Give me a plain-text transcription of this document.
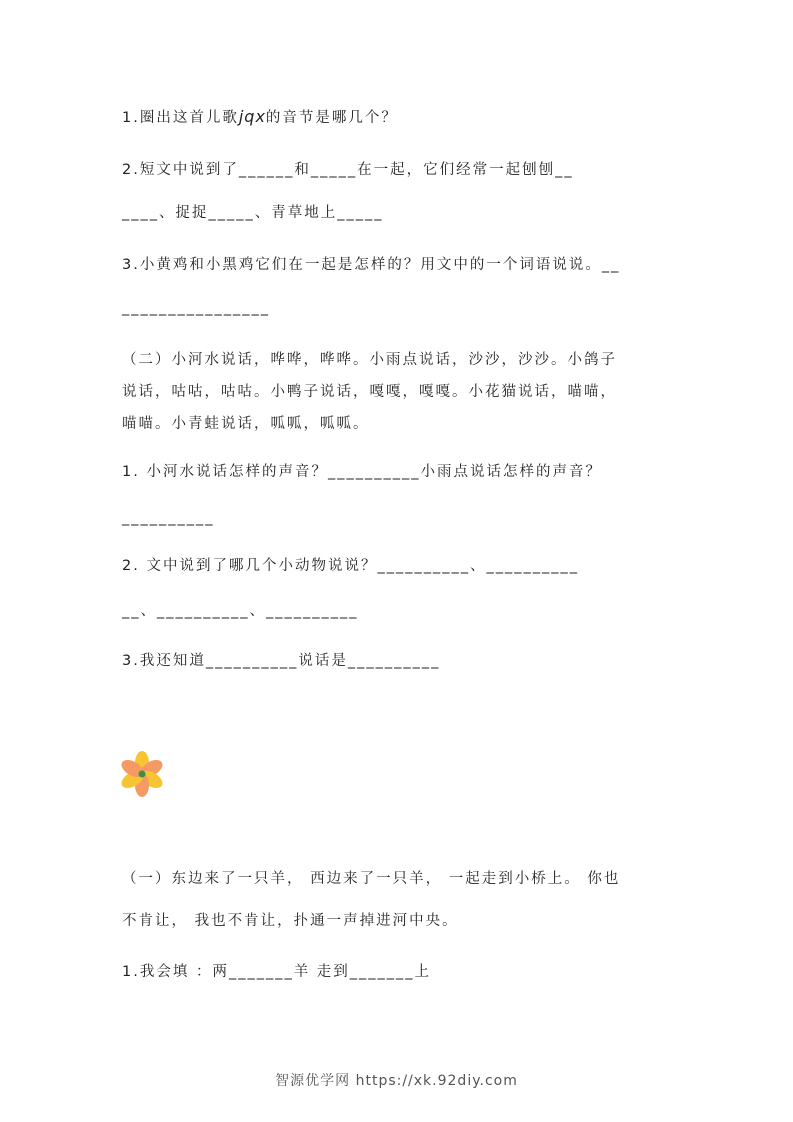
1.圈出这首儿歌jqx的音节是哪几个？
2.短文中说到了______和_____在一起，它们经常一起刨刨__
____、捉捉_____、青草地上_____
3.小黄鸡和小黑鸡它们在一起是怎样的？用文中的一个词语说说。__
________________
（二）小河水说话，哗哗，哗哗。小雨点说话，沙沙，沙沙。小鸽子
说话，咕咕，咕咕。小鸭子说话，嘎嘎，嘎嘎。小花猫说话，喵喵，
喵喵。小青蛙说话，呱呱，呱呱。
1. 小河水说话怎样的声音？__________小雨点说话怎样的声音？
__________
2. 文中说到了哪几个小动物说说？__________、__________
__、__________、__________
3.我还知道__________说话是__________
（一）东边来了一只羊， 西边来了一只羊， 一起走到小桥上。 你也
不肯让， 我也不肯让，扑通一声掉进河中央。
1.我会填 ：两_______羊 走到_______上
智源优学网 https://xk.92diy.com
